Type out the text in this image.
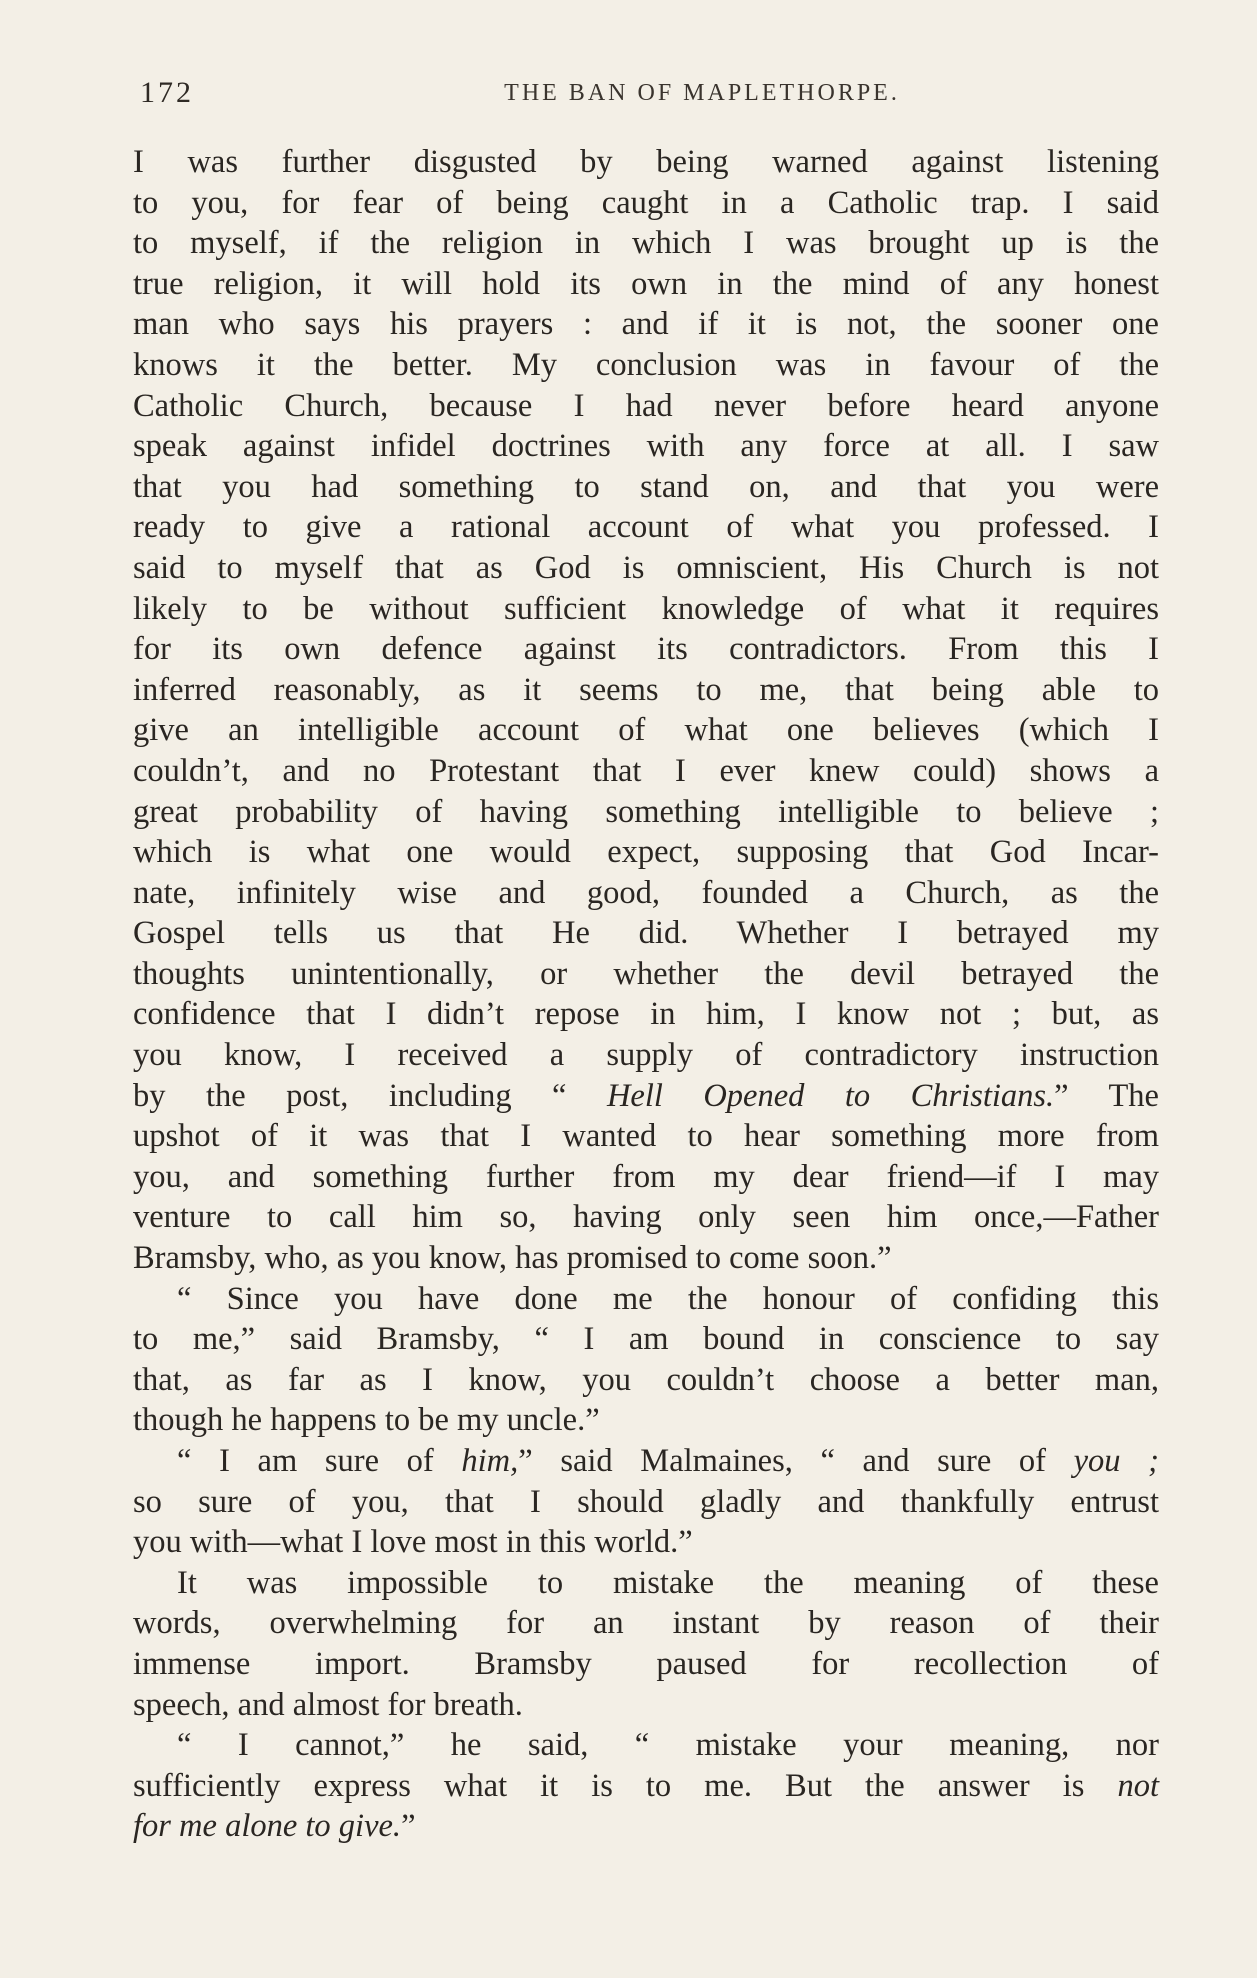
172	THE BAN OF MAPLETHORPE.
I was further disgusted by being warned against listening
to you, for fear of being caught in a Catholic trap. I said
to myself, if the religion in which I was brought up is the
true religion, it will hold its own in the mind of any honest
man who says his prayers : and if it is not, the sooner one
knows it the better. My conclusion was in favour of the
Catholic Church, because I had never before heard anyone
speak against infidel doctrines with any force at all. I saw
that you had something to stand on, and that you were
ready to give a rational account of what you professed. I
said to myself that as God is omniscient, His Church is not
likely to be without sufficient knowledge of what it requires
for its own defence against its contradictors. From this I
inferred reasonably, as it seems to me, that being able to
give an intelligible account of what one believes (which I
couldn’t, and no Protestant that I ever knew could) shows a
great probability of having something intelligible to believe ;
which is what one would expect, supposing that God Incar-
nate, infinitely wise and good, founded a Church, as the
Gospel tells us that He did. Whether I betrayed my
thoughts unintentionally, or whether the devil betrayed the
confidence that I didn’t repose in him, I know not ; but, as
you know, I received a supply of contradictory instruction
by the post, including “ Hell Opened to Christians.” The
upshot of it was that I wanted to hear something more from
you, and something further from my dear friend—if I may
venture to call him so, having only seen him once,—Father
Bramsby, who, as you know, has promised to come soon.”
“ Since you have done me the honour of confiding this
to me,” said Bramsby, “ I am bound in conscience to say
that, as far as I know, you couldn’t choose a better man,
though he happens to be my uncle.”
“ I am sure of him,” said Malmaines, “ and sure of you ;
so sure of you, that I should gladly and thankfully entrust
you with—what I love most in this world.”
It was impossible to mistake the meaning of these
words, overwhelming for an instant by reason of their
immense import. Bramsby paused for recollection of
speech, and almost for breath.
“ I cannot,” he said, “ mistake your meaning, nor
sufficiently express what it is to me. But the answer is not
for me alone to give.”
